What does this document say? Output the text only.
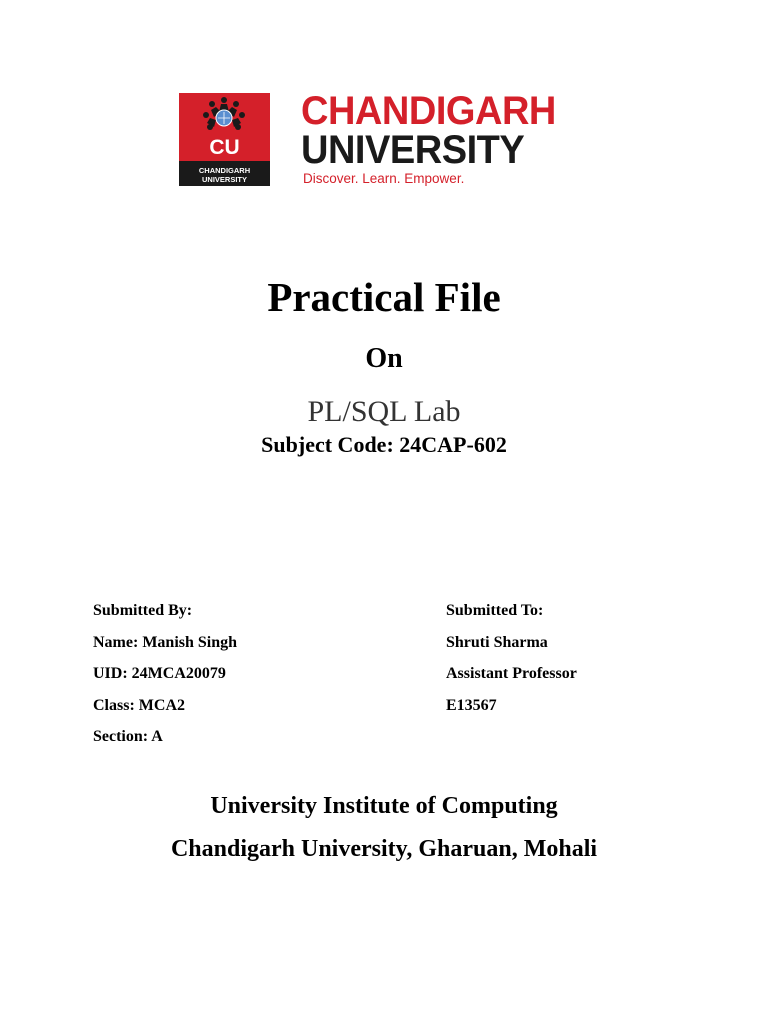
CU
CHANDIGARH
UNIVERSITY
CHANDIGARH
UNIVERSITY
Discover. Learn. Empower.
Practical File
On
PL/SQL Lab
Subject Code: 24CAP-602
Submitted By:
Name: Manish Singh
UID: 24MCA20079
Class: MCA2
Section: A
Submitted To:
Shruti Sharma
Assistant Professor
E13567
University Institute of Computing
Chandigarh University, Gharuan, Mohali
